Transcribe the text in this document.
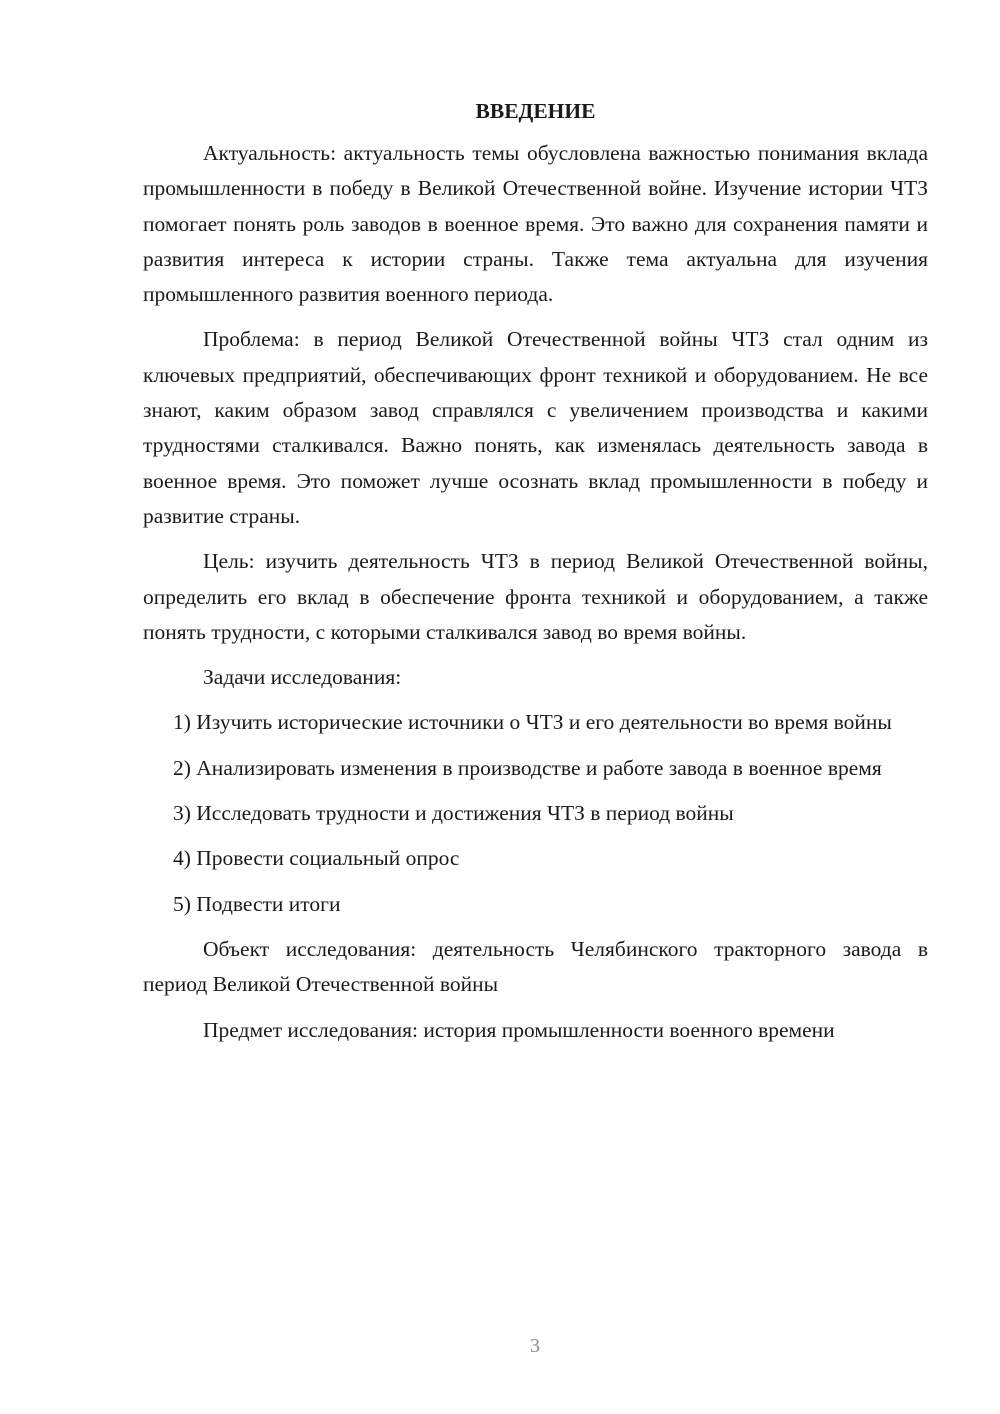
ВВЕДЕНИЕ

Актуальность: актуальность темы обусловлена важностью понимания вклада промышленности в победу в Великой Отечественной войне. Изучение истории ЧТЗ помогает понять роль заводов в военное время. Это важно для сохранения памяти и развития интереса к истории страны. Также тема актуальна для изучения промышленного развития военного периода.

Проблема: в период Великой Отечественной войны ЧТЗ стал одним из ключевых предприятий, обеспечивающих фронт техникой и оборудованием. Не все знают, каким образом завод справлялся с увеличением производства и какими трудностями сталкивался. Важно понять, как изменялась деятельность завода в военное время. Это поможет лучше осознать вклад промышленности в победу и развитие страны.

Цель: изучить деятельность ЧТЗ в период Великой Отечественной войны, определить его вклад в обеспечение фронта техникой и оборудованием, а также понять трудности, с которыми сталкивался завод во время войны.

Задачи исследования:

1) Изучить исторические источники о ЧТЗ и его деятельности во время войны

2) Анализировать изменения в производстве и работе завода в военное время

3) Исследовать трудности и достижения ЧТЗ в период войны

4) Провести социальный опрос

5) Подвести итоги

Объект исследования: деятельность Челябинского тракторного завода в период Великой Отечественной войны

Предмет исследования: история промышленности военного времени

3
